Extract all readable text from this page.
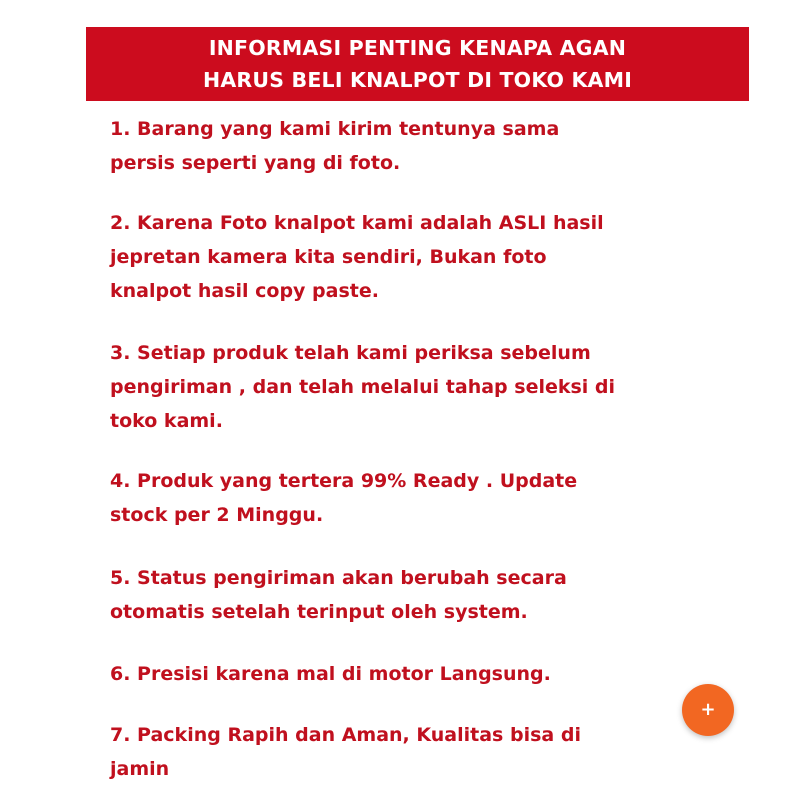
INFORMASI PENTING KENAPA AGAN
HARUS BELI KNALPOT DI TOKO KAMI
1. Barang yang kami kirim tentunya sama
persis seperti yang di foto.
2. Karena Foto knalpot kami adalah ASLI hasil
jepretan kamera kita sendiri, Bukan foto
knalpot hasil copy paste.
3. Setiap produk telah kami periksa sebelum
pengiriman , dan telah melalui tahap seleksi di
toko kami.
4. Produk yang tertera 99% Ready . Update
stock per 2 Minggu.
5. Status pengiriman akan berubah secara
otomatis setelah terinput oleh system.
6. Presisi karena mal di motor Langsung.
7. Packing Rapih dan Aman, Kualitas bisa di
jamin
+
